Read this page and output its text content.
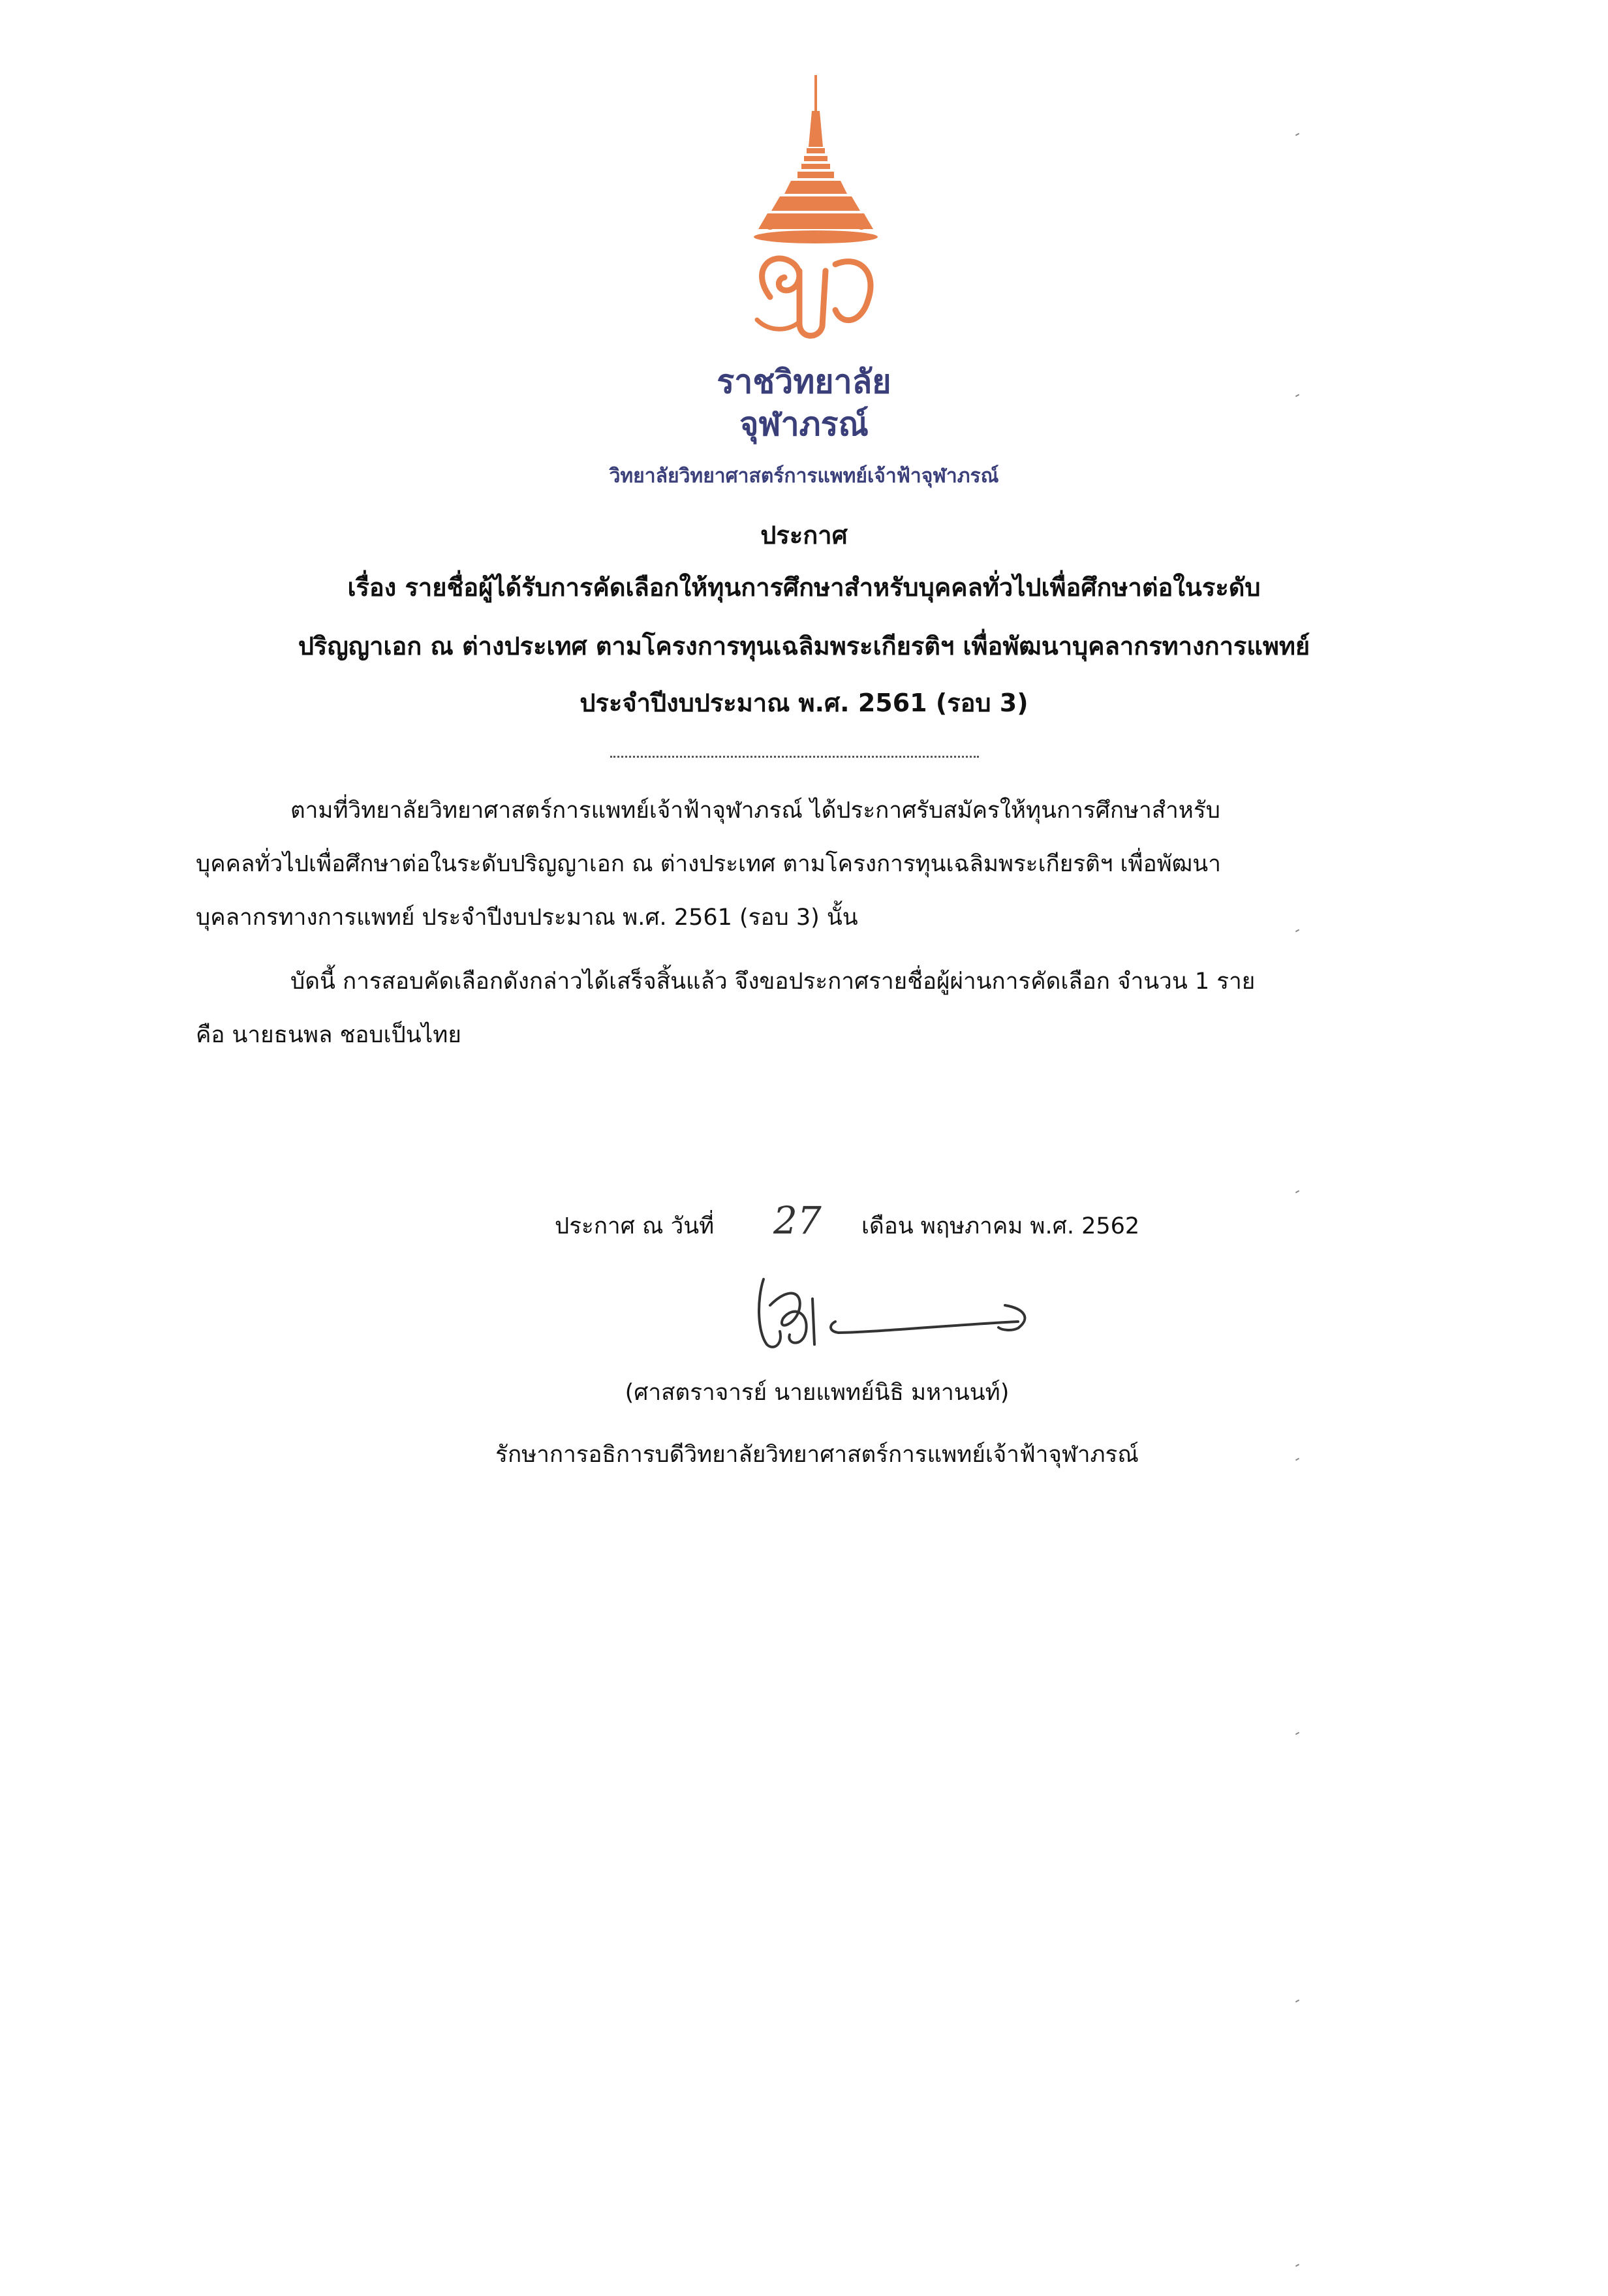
ราชวิทยาลัย
จุฬาภรณ์
วิทยาลัยวิทยาศาสตร์การแพทย์เจ้าฟ้าจุฬาภรณ์
ประกาศ
เรื่อง รายชื่อผู้ได้รับการคัดเลือกให้ทุนการศึกษาสำหรับบุคคลทั่วไปเพื่อศึกษาต่อในระดับ
ปริญญาเอก ณ ต่างประเทศ ตามโครงการทุนเฉลิมพระเกียรติฯ เพื่อพัฒนาบุคลากรทางการแพทย์
ประจำปีงบประมาณ พ.ศ. 2561 (รอบ 3)
ตามที่วิทยาลัยวิทยาศาสตร์การแพทย์เจ้าฟ้าจุฬาภรณ์ ได้ประกาศรับสมัครให้ทุนการศึกษาสำหรับ
บุคคลทั่วไปเพื่อศึกษาต่อในระดับปริญญาเอก ณ ต่างประเทศ ตามโครงการทุนเฉลิมพระเกียรติฯ เพื่อพัฒนา
บุคลากรทางการแพทย์ ประจำปีงบประมาณ พ.ศ. 2561 (รอบ 3) นั้น
บัดนี้ การสอบคัดเลือกดังกล่าวได้เสร็จสิ้นแล้ว จึงขอประกาศรายชื่อผู้ผ่านการคัดเลือก จำนวน 1 ราย
คือ นายธนพล ชอบเป็นไทย
ประกาศ ณ วันที่ 27 เดือน พฤษภาคม พ.ศ. 2562
(ศาสตราจารย์ นายแพทย์นิธิ มหานนท์)
รักษาการอธิการบดีวิทยาลัยวิทยาศาสตร์การแพทย์เจ้าฟ้าจุฬาภรณ์
